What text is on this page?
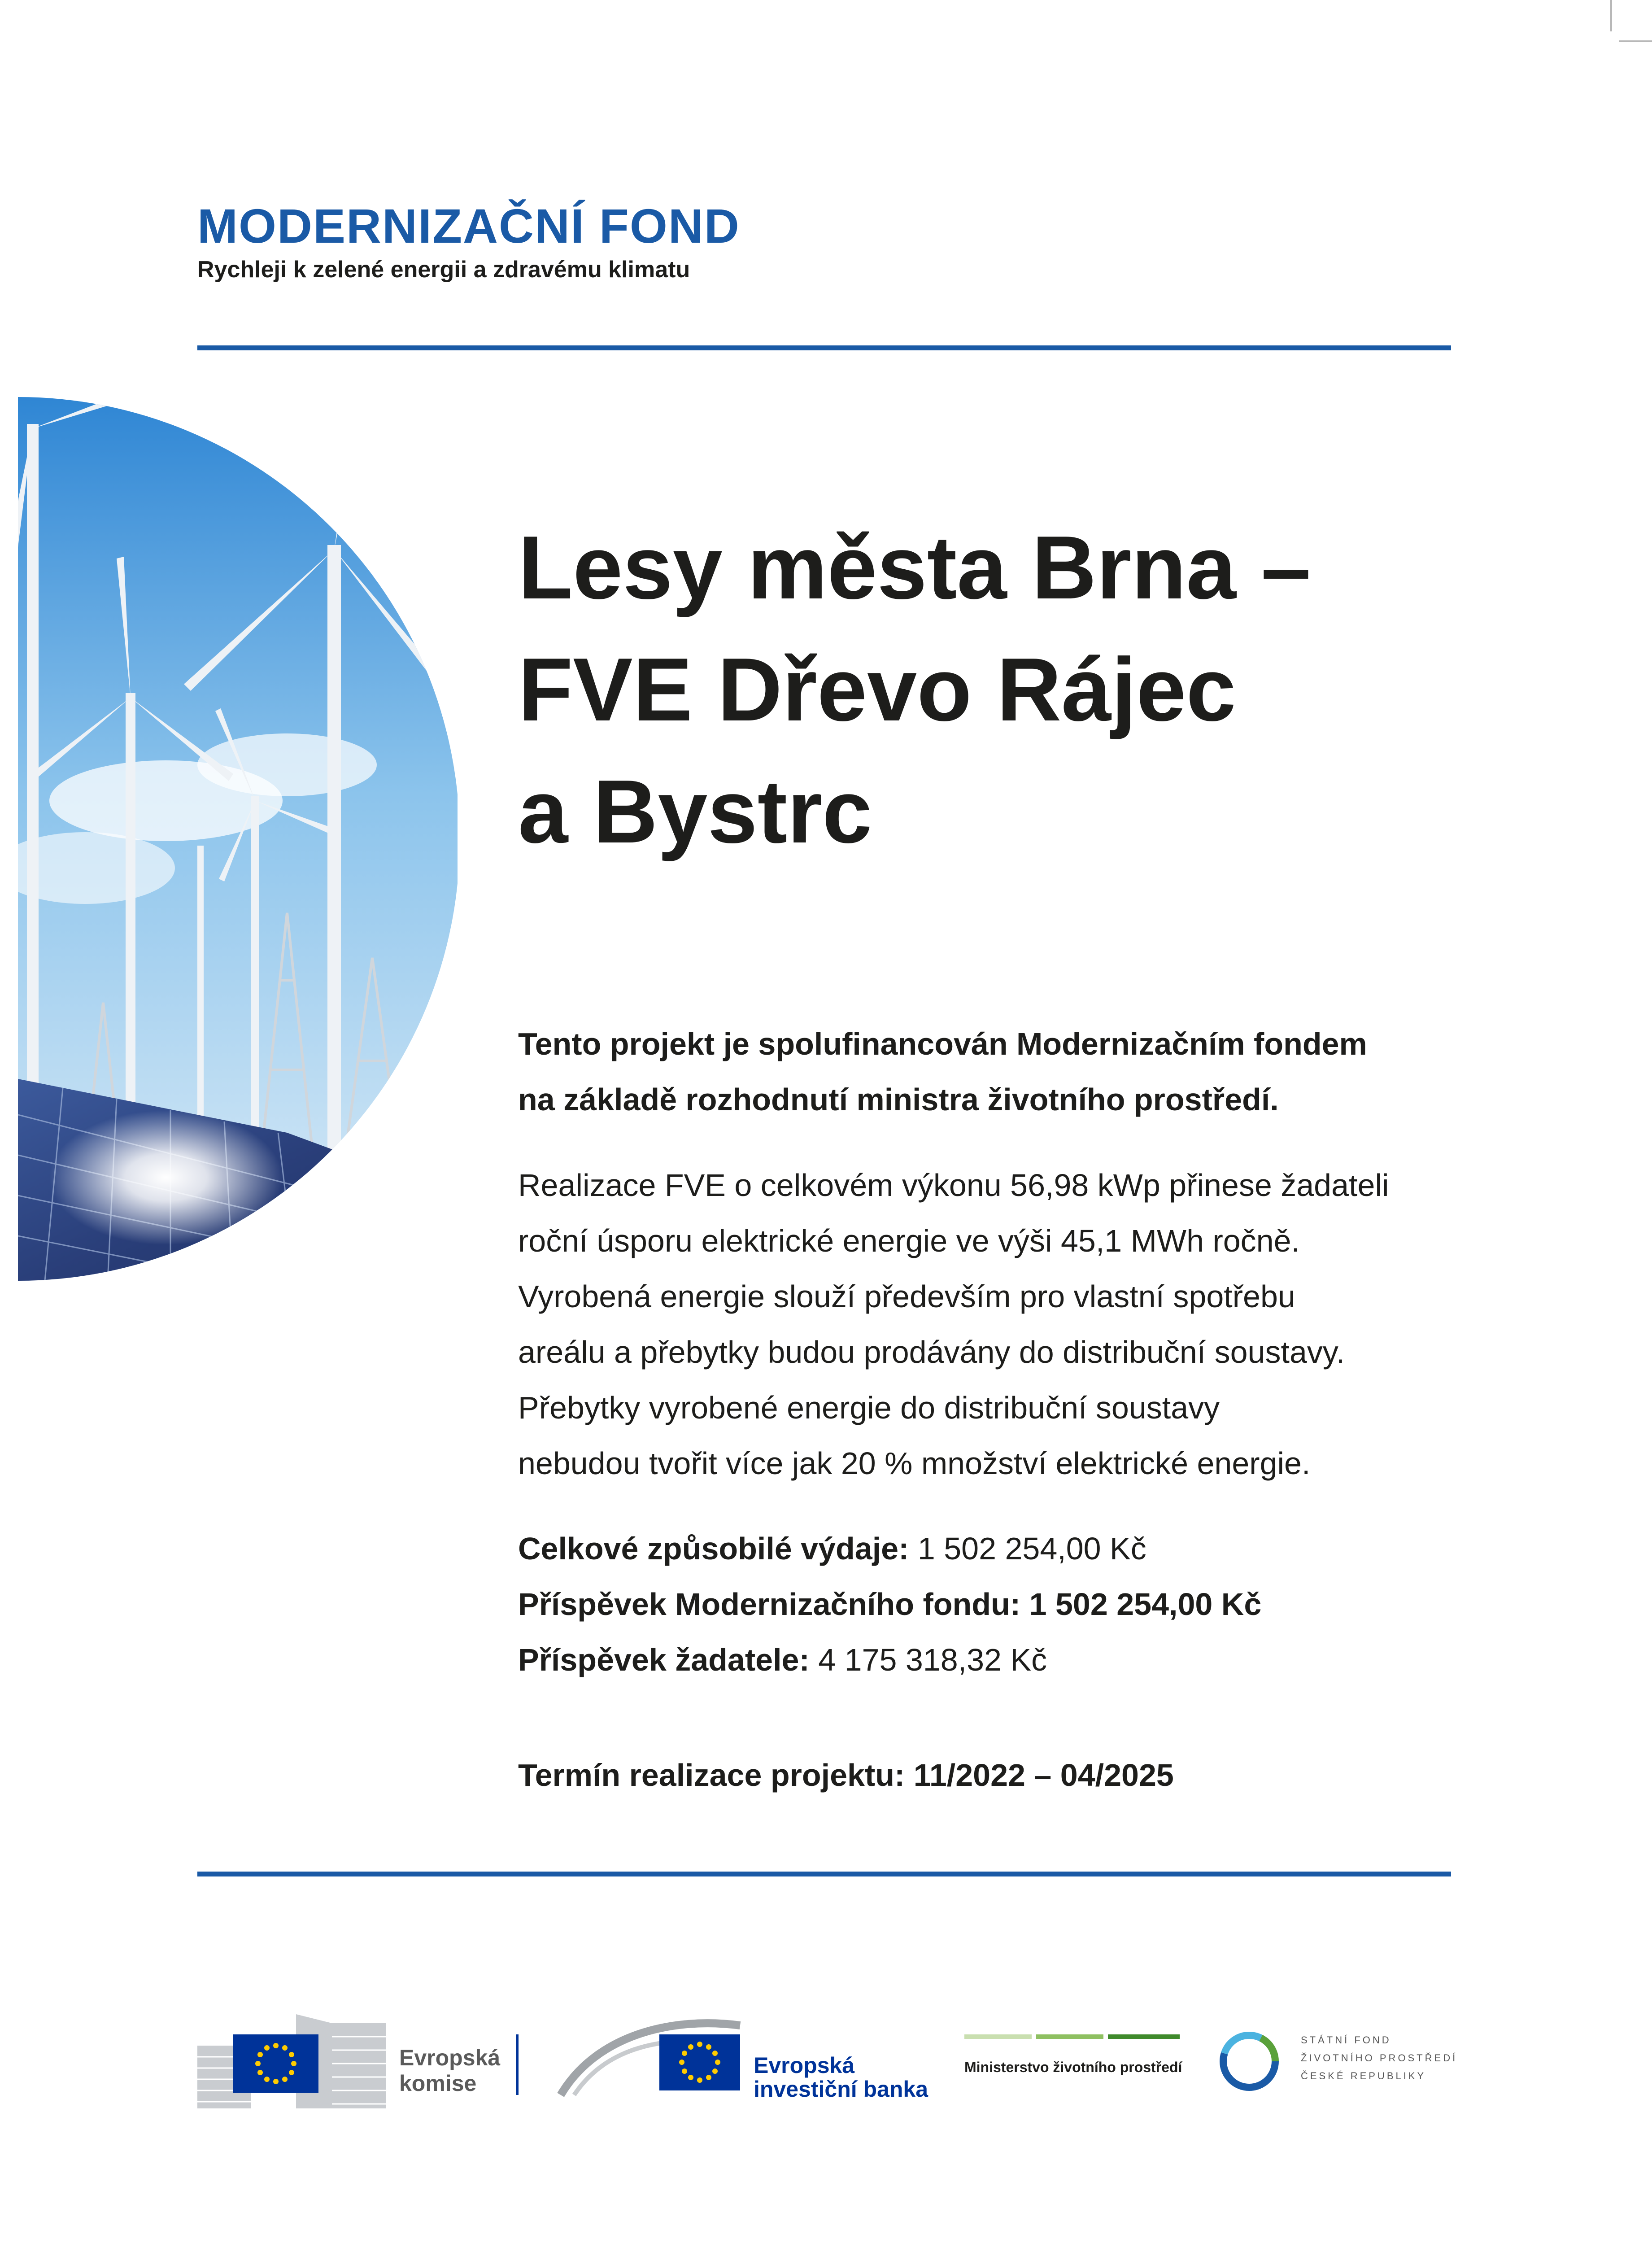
MODERNIZAČNÍ FOND

Rychleji k zelené energii a zdravému klimatu

Lesy města Brna –
FVE Dřevo Rájec
a Bystrc

Tento projekt je spolufinancován Modernizačním fondem
na základě rozhodnutí ministra životního prostředí.

Realizace FVE o celkovém výkonu 56,98 kWp přinese žadateli
roční úsporu elektrické energie ve výši 45,1 MWh ročně.
Vyrobená energie slouží především pro vlastní spotřebu
areálu a přebytky budou prodávány do distribuční soustavy.
Přebytky vyrobené energie do distribuční soustavy
nebudou tvořit více jak 20 % množství elektrické energie.

Celkové způsobilé výdaje: 1 502 254,00 Kč
Příspěvek Modernizačního fondu: 1 502 254,00 Kč
Příspěvek žadatele: 4 175 318,32 Kč
Termín realizace projektu: 11/2022 – 04/2025
Evropská
komise
Evropská
investiční banka
Ministerstvo životního prostředí
STÁTNÍ FOND
ŽIVOTNÍHO PROSTŘEDÍ
ČESKÉ REPUBLIKY
